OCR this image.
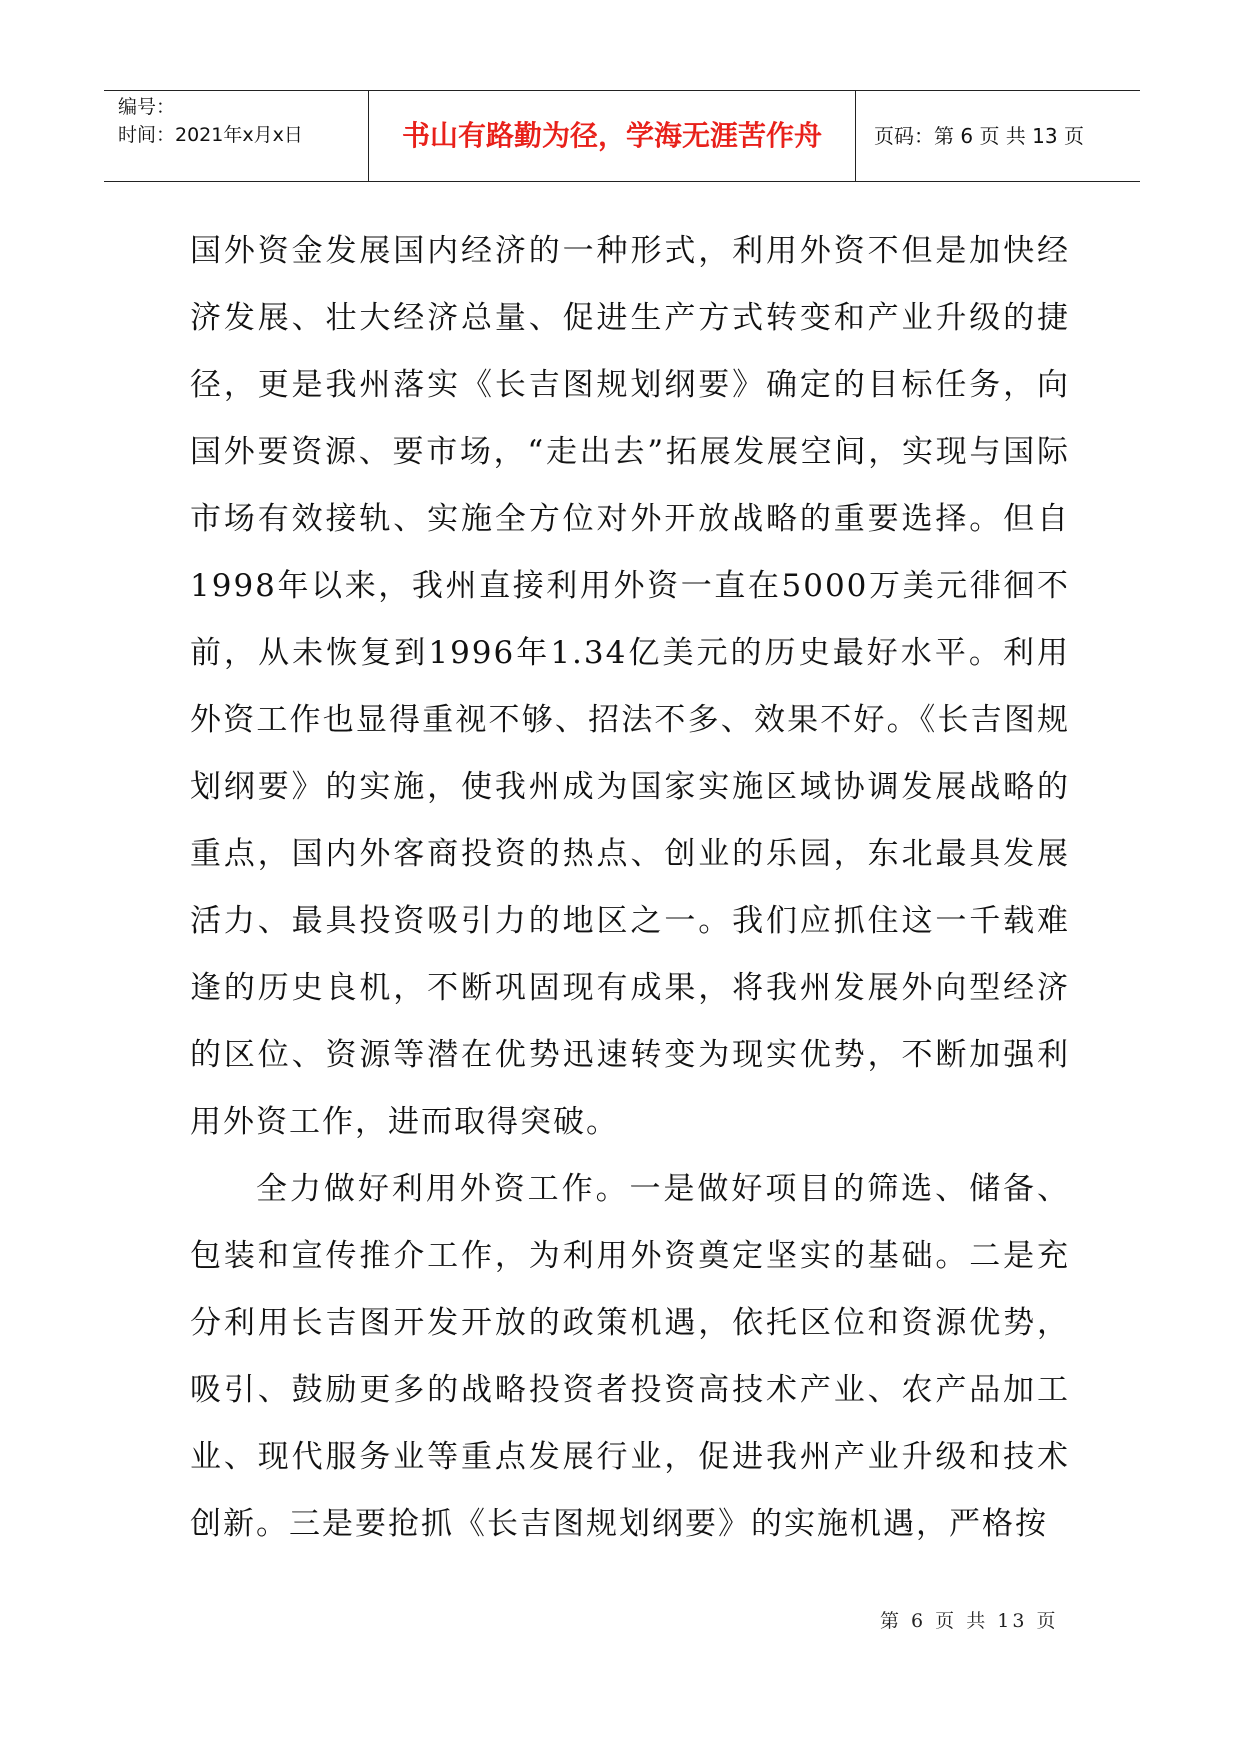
编号：
时间：2021年x月x日	书山有路勤为径，学海无涯苦作舟	页码：第 6 页 共 13 页

国外资金发展国内经济的一种形式，利用外资不但是加快经济发展、壮大经济总量、促进生产方式转变和产业升级的捷径，更是我州落实《长吉图规划纲要》确定的目标任务，向国外要资源、要市场，“走出去”拓展发展空间，实现与国际市场有效接轨、实施全方位对外开放战略的重要选择。但自1998年以来，我州直接利用外资一直在5000万美元徘徊不前，从未恢复到1996年1.34亿美元的历史最好水平。利用外资工作也显得重视不够、招法不多、效果不好。《长吉图规划纲要》的实施，使我州成为国家实施区域协调发展战略的重点，国内外客商投资的热点、创业的乐园，东北最具发展活力、最具投资吸引力的地区之一。我们应抓住这一千载难逢的历史良机，不断巩固现有成果，将我州发展外向型经济的区位、资源等潜在优势迅速转变为现实优势，不断加强利用外资工作，进而取得突破。

全力做好利用外资工作。一是做好项目的筛选、储备、包装和宣传推介工作，为利用外资奠定坚实的基础。二是充分利用长吉图开发开放的政策机遇，依托区位和资源优势，吸引、鼓励更多的战略投资者投资高技术产业、农产品加工业、现代服务业等重点发展行业，促进我州产业升级和技术创新。三是要抢抓《长吉图规划纲要》的实施机遇，严格按

第 6 页 共 13 页
